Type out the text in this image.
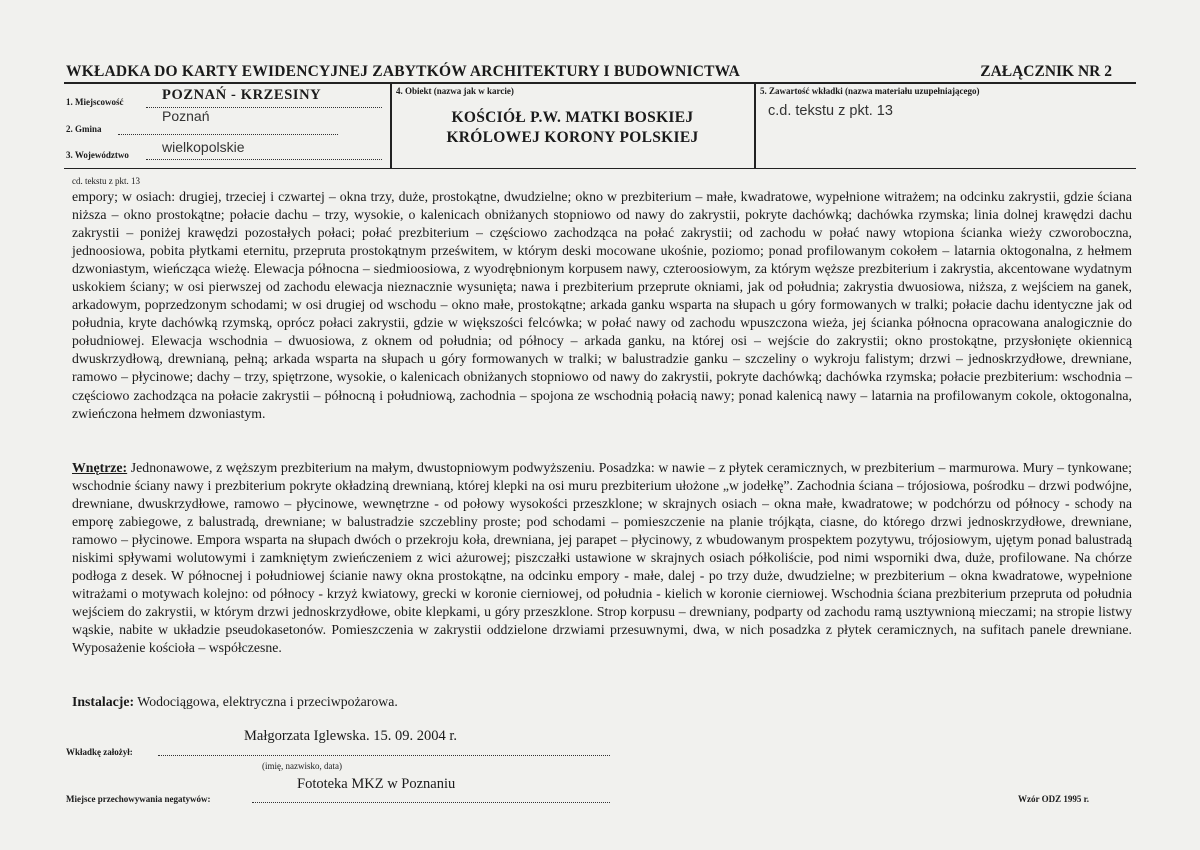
WKŁADKA DO KARTY EWIDENCYJNEJ ZABYTKÓW ARCHITEKTURY I BUDOWNICTWA	ZAŁĄCZNIK NR 2
1. Miejscowość	POZNAŃ - KRZESINY
2. Gmina
Poznań
3. Województwo wielkopolskie
4. Obiekt (nazwa jak w karcie)
KOŚCIÓŁ P.W. MATKI BOSKIEJ
KRÓLOWEJ KORONY POLSKIEJ
5. Zawartość wkładki (nazwa materiału uzupełniającego)
c.d. tekstu z pkt. 13
cd. tekstu z pkt. 13

empory; w osiach: drugiej, trzeciej i czwartej – okna trzy, duże, prostokątne, dwudzielne; okno w prezbiterium – małe, kwadratowe, wypełnione witrażem; na odcinku zakrystii, gdzie ściana niższa – okno prostokątne; połacie dachu – trzy, wysokie, o kalenicach obniżanych stopniowo od nawy do zakrystii, pokryte dachówką; dachówka rzymska; linia dolnej krawędzi dachu zakrystii – poniżej krawędzi pozostałych połaci; połać prezbiterium – częściowo zachodząca na połać zakrystii; od zachodu w połać nawy wtopiona ścianka wieży czworoboczna, jednoosiowa, pobita płytkami eternitu, przepruta prostokątnym prześwitem, w którym deski mocowane ukośnie, poziomo; ponad profilowanym cokołem – latarnia oktogonalna, z hełmem dzwoniastym, wieńcząca wieżę. Elewacja północna – siedmioosiowa, z wyodrębnionym korpusem nawy, czteroosiowym, za którym węższe prezbiterium i zakrystia, akcentowane wydatnym uskokiem ściany; w osi pierwszej od zachodu elewacja nieznacznie wysunięta; nawa i prezbiterium przeprute okniami, jak od południa; zakrystia dwuosiowa, niższa, z wejściem na ganek, arkadowym, poprzedzonym schodami; w osi drugiej od wschodu – okno małe, prostokątne; arkada ganku wsparta na słupach u góry formowanych w tralki; połacie dachu identyczne jak od południa, kryte dachówką rzymską, oprócz połaci zakrystii, gdzie w większości felcówka; w połać nawy od zachodu wpuszczona wieża, jej ścianka północna opracowana analogicznie do południowej. Elewacja wschodnia – dwuosiowa, z oknem od południa; od północy – arkada ganku, na której osi – wejście do zakrystii; okno prostokątne, przysłonięte okiennicą dwuskrzydłową, drewnianą, pełną; arkada wsparta na słupach u góry formowanych w tralki; w balustradzie ganku – szczeliny o wykroju falistym; drzwi – jednoskrzydłowe, drewniane, ramowo – płycinowe; dachy – trzy, spiętrzone, wysokie, o kalenicach obniżanych stopniowo od nawy do zakrystii, pokryte dachówką; dachówka rzymska; połacie prezbiterium: wschodnia – częściowo zachodząca na połacie zakrystii – północną i południową, zachodnia – spojona ze wschodnią połacią nawy; ponad kalenicą nawy – latarnia na profilowanym cokole, oktogonalna, zwieńczona hełmem dzwoniastym.

Wnętrze: Jednonawowe, z węższym prezbiterium na małym, dwustopniowym podwyższeniu. Posadzka: w nawie – z płytek ceramicznych, w prezbiterium – marmurowa. Mury – tynkowane; wschodnie ściany nawy i prezbiterium pokryte okładziną drewnianą, której klepki na osi muru prezbiterium ułożone „w jodełkę”. Zachodnia ściana – trójosiowa, pośrodku – drzwi podwójne, drewniane, dwuskrzydłowe, ramowo – płycinowe, wewnętrzne - od połowy wysokości przeszklone; w skrajnych osiach – okna małe, kwadratowe; w podchórzu od północy - schody na emporę zabiegowe, z balustradą, drewniane; w balustradzie szczebliny proste; pod schodami – pomieszczenie na planie trójkąta, ciasne, do którego drzwi jednoskrzydłowe, drewniane, ramowo – płycinowe. Empora wsparta na słupach dwóch o przekroju koła, drewniana, jej parapet – płycinowy, z wbudowanym prospektem pozytywu, trójosiowym, ujętym ponad balustradą niskimi spływami wolutowymi i zamkniętym zwieńczeniem z wici ażurowej; piszczałki ustawione w skrajnych osiach półkoliście, pod nimi wsporniki dwa, duże, profilowane. Na chórze podłoga z desek. W północnej i południowej ścianie nawy okna prostokątne, na odcinku empory - małe, dalej - po trzy duże, dwudzielne; w prezbiterium – okna kwadratowe, wypełnione witrażami o motywach kolejno: od północy - krzyż kwiatowy, grecki w koronie cierniowej, od południa - kielich w koronie cierniowej. Wschodnia ściana prezbiterium przepruta od południa wejściem do zakrystii, w którym drzwi jednoskrzydłowe, obite klepkami, u góry przeszklone. Strop korpusu – drewniany, podparty od zachodu ramą usztywnioną mieczami; na stropie listwy wąskie, nabite w układzie pseudokasetonów. Pomieszczenia w zakrystii oddzielone drzwiami przesuwnymi, dwa, w nich posadzka z płytek ceramicznych, na sufitach panele drewniane. Wyposażenie kościoła – współczesne.

Instalacje: Wodociągowa, elektryczna i przeciwpożarowa.

Wkładkę założył:
Małgorzata Iglewska. 15. 09. 2004 r.
(imię, nazwisko, data)
Miejsce przechowywania negatywów:
Fototeka MKZ w Poznaniu
Wzór ODZ 1995 r.
